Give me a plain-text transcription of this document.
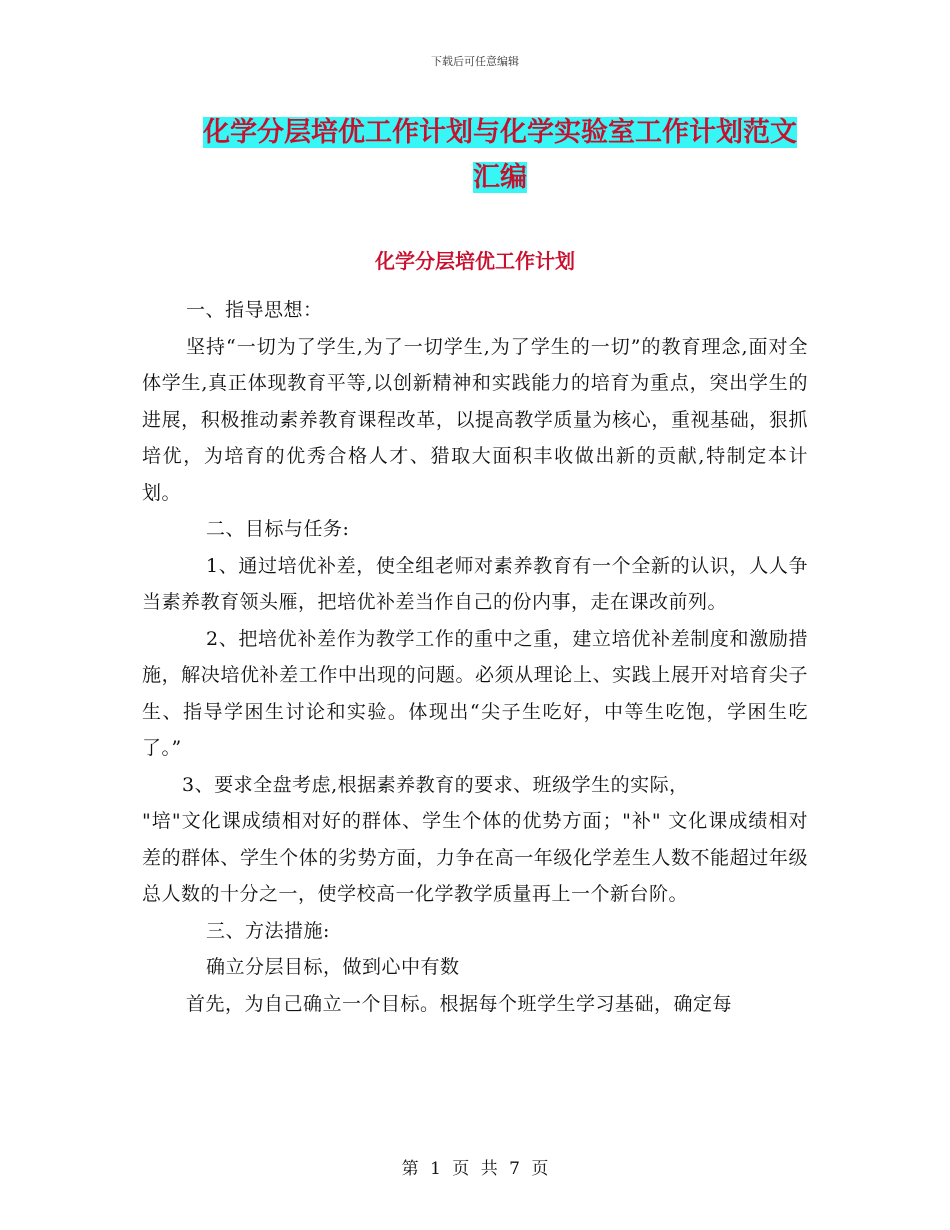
下载后可任意编辑
化学分层培优工作计划与化学实验室工作计划范文汇编
化学分层培优工作计划

一、指导思想：

坚持“一切为了学生,为了一切学生,为了学生的一切”的教育理念,面对全体学生,真正体现教育平等,以创新精神和实践能力的培育为重点，突出学生的进展，积极推动素养教育课程改革，以提高教学质量为核心，重视基础，狠抓培优，为培育的优秀合格人才、猎取大面积丰收做出新的贡献,特制定本计划。

二、目标与任务:

1、通过培优补差，使全组老师对素养教育有一个全新的认识，人人争当素养教育领头雁，把培优补差当作自己的份内事，走在课改前列。

2、把培优补差作为教学工作的重中之重，建立培优补差制度和激励措施，解决培优补差工作中出现的问题。必须从理论上、实践上展开对培育尖子生、指导学困生讨论和实验。体现出“尖子生吃好，中等生吃饱，学困生吃了。”

3、要求全盘考虑,根据素养教育的要求、班级学生的实际，

"培"文化课成绩相对好的群体、学生个体的优势方面；"补" 文化课成绩相对差的群体、学生个体的劣势方面，力争在高一年级化学差生人数不能超过年级总人数的十分之一，使学校高一化学教学质量再上一个新台阶。

三、方法措施:

确立分层目标，做到心中有数

首先，为自己确立一个目标。根据每个班学生学习基础，确定每

第 1 页 共 7 页
